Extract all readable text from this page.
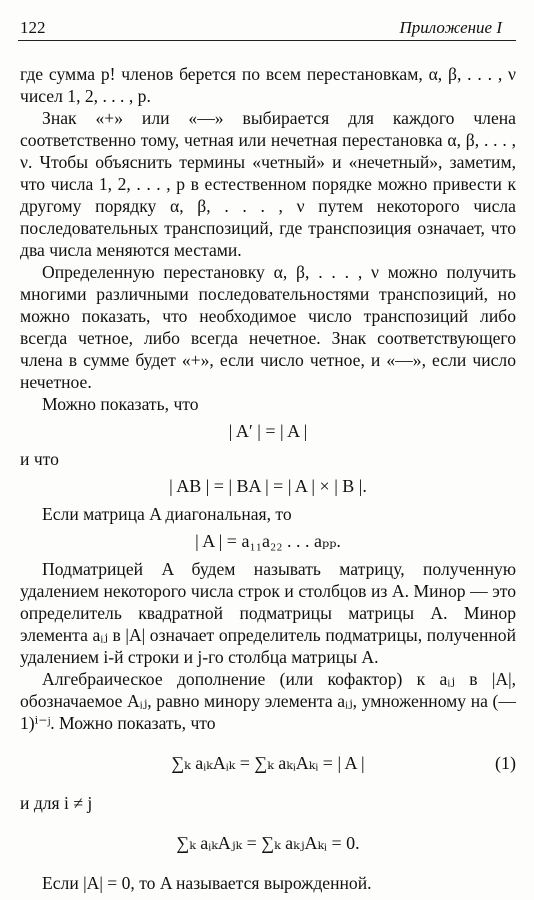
122	Приложение I

где сумма p! членов берется по всем перестановкам, α, β, . . . , ν чисел 1, 2, . . . , p.

Знак «+» или «—» выбирается для каждого члена соответственно тому, четная или нечетная перестановка α, β, . . . , ν. Чтобы объяснить термины «четный» и «нечетный», заметим, что числа 1, 2, . . . , p в естественном порядке можно привести к другому порядку α, β, . . . , ν путем некоторого числа последовательных транспозиций, где транспозиция означает, что два числа меняются местами.

Определенную перестановку α, β, . . . , ν можно получить многими различными последовательностями транспозиций, но можно показать, что необходимое число транспозиций либо всегда четное, либо всегда нечетное. Знак соответствующего члена в сумме будет «+», если число четное, и «—», если число нечетное.

Можно показать, что

| A′ | = | A |

и что

| AB | = | BA | = | A | × | B |.

Если матрица A диагональная, то

| A | = a₁₁a₂₂ . . . aₚₚ.

Подматрицей A будем называть матрицу, полученную удалением некоторого числа строк и столбцов из A. Минор — это определитель квадратной подматрицы матрицы A. Минор элемента aᵢⱼ в |A| означает определитель подматрицы, полученной удалением i-й строки и j-го столбца матрицы A.

Алгебраическое дополнение (или кофактор) к aᵢⱼ в |A|, обозначаемое Aᵢⱼ, равно минору элемента aᵢⱼ, умноженному на (—1)ⁱ⁻ʲ. Можно показать, что

∑ₖ aᵢₖAᵢₖ = ∑ₖ aₖᵢAₖᵢ = | A |	(1)

и для i ≠ j

∑ₖ aᵢₖAⱼₖ = ∑ₖ aₖⱼAₖᵢ = 0.

Если |A| = 0, то A называется вырожденной.
